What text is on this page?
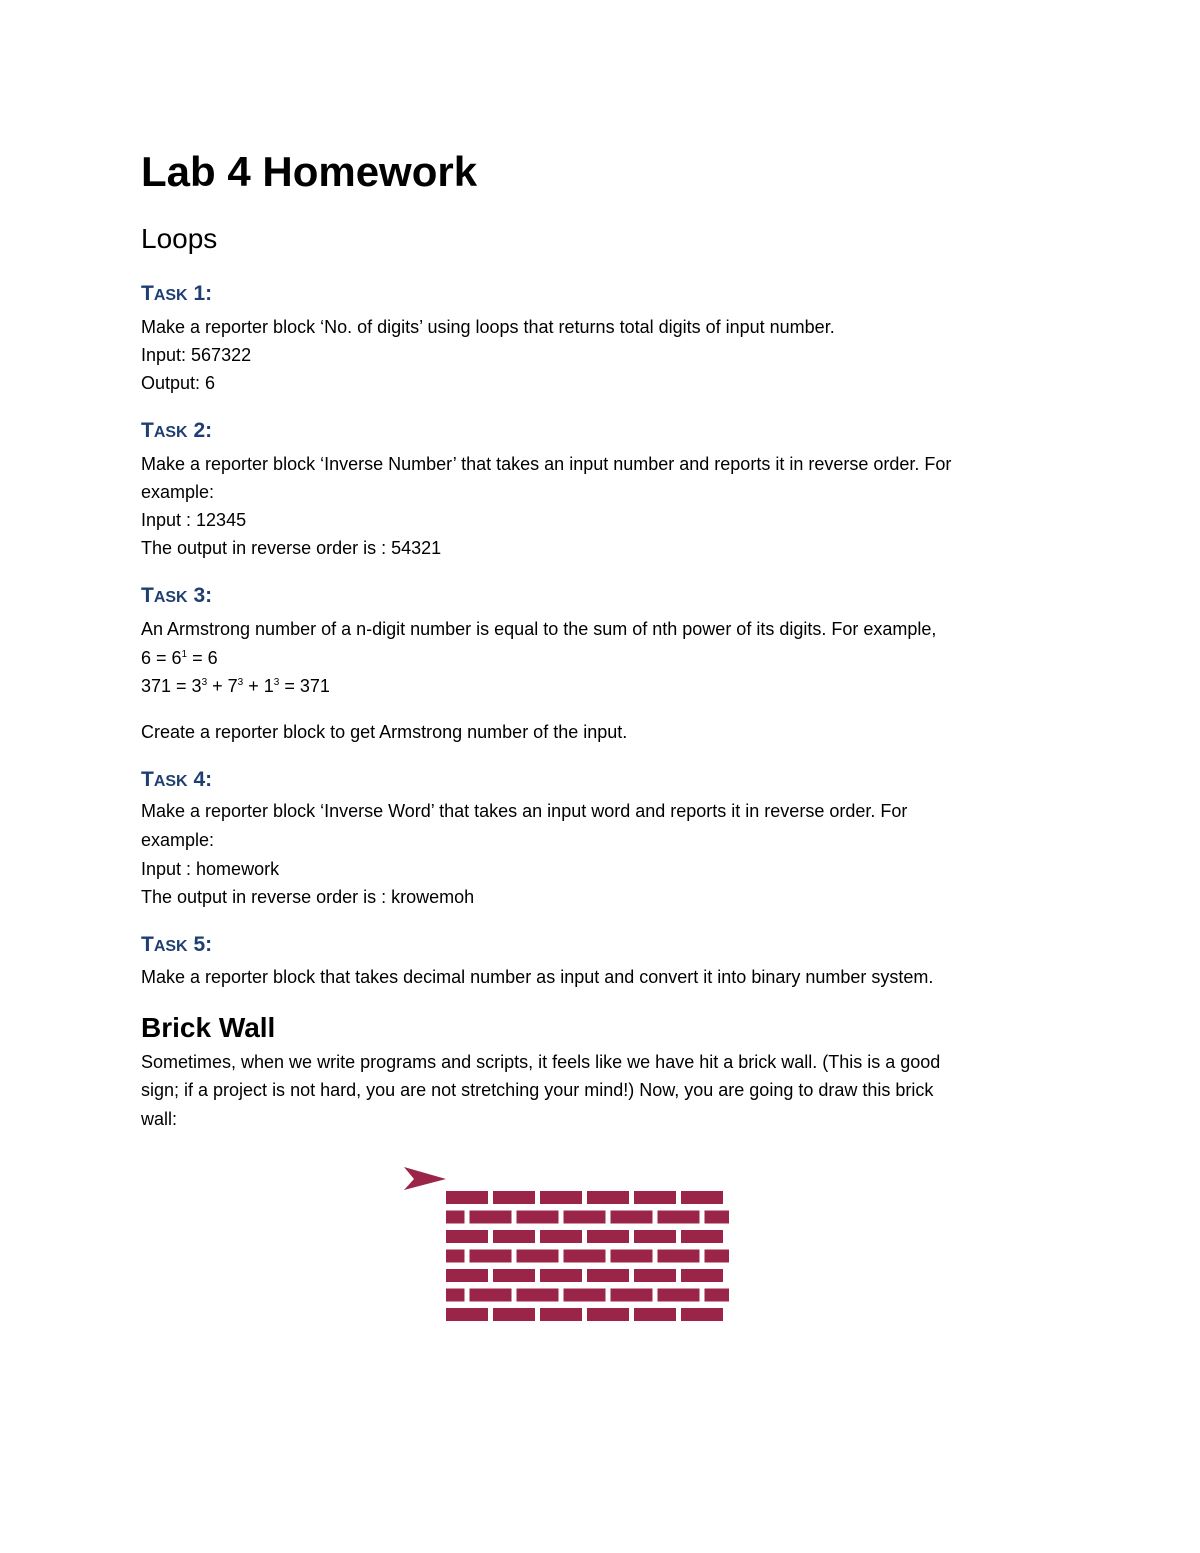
Lab 4 Homework
Loops
TASK 1:

Make a reporter block ‘No. of digits’ using loops that returns total digits of input number.

Input: 567322

Output: 6

TASK 2:

Make a reporter block ‘Inverse Number’ that takes an input number and reports it in reverse order. For

example:

Input : 12345

The output in reverse order is : 54321

TASK 3:

An Armstrong number of a n-digit number is equal to the sum of nth power of its digits. For example,

$6 = 6^1 = 6$

$371 = 3^3 + 7^3 + 1^3 = 371$

Create a reporter block to get Armstrong number of the input.

TASK 4:

Make a reporter block ‘Inverse Word’ that takes an input word and reports it in reverse order. For

example:

Input : homework

The output in reverse order is : krowemoh

TASK 5:

Make a reporter block that takes decimal number as input and convert it into binary number system.

Brick Wall

Sometimes, when we write programs and scripts, it feels like we have hit a brick wall. (This is a good

sign; if a project is not hard, you are not stretching your mind!) Now, you are going to draw this brick

wall:
